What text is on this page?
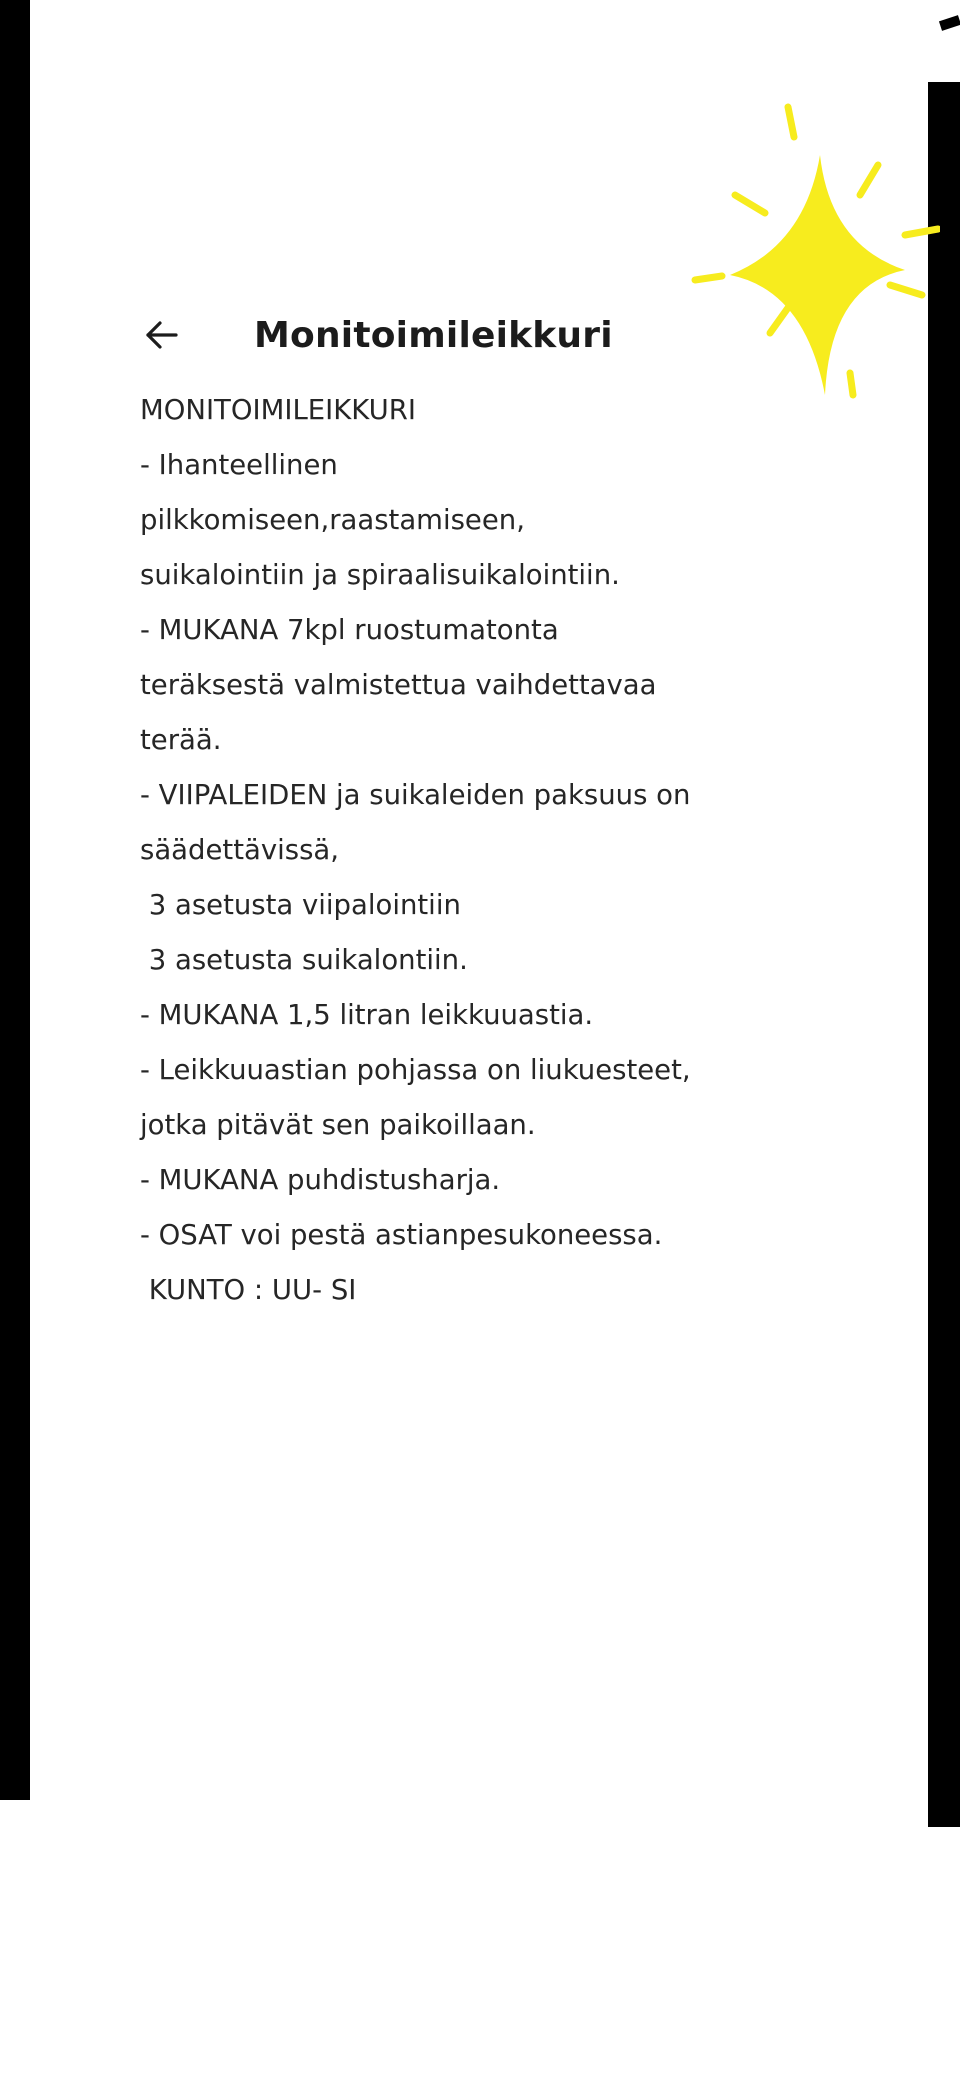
Monitoimileikkuri
MONITOIMILEIKKURI
- Ihanteellinen
pilkkomiseen,raastamiseen,
suikalointiin ja spiraalisuikalointiin.
- MUKANA 7kpl ruostumatonta
teräksestä valmistettua vaihdettavaa
terää.
- VIIPALEIDEN ja suikaleiden paksuus on
säädettävissä,
3 asetusta viipalointiin
3 asetusta suikalontiin.
- MUKANA 1,5 litran leikkuuastia.
- Leikkuuastian pohjassa on liukuesteet,
jotka pitävät sen paikoillaan.
- MUKANA puhdistusharja.
- OSAT voi pestä astianpesukoneessa.
KUNTO : UU- SI
